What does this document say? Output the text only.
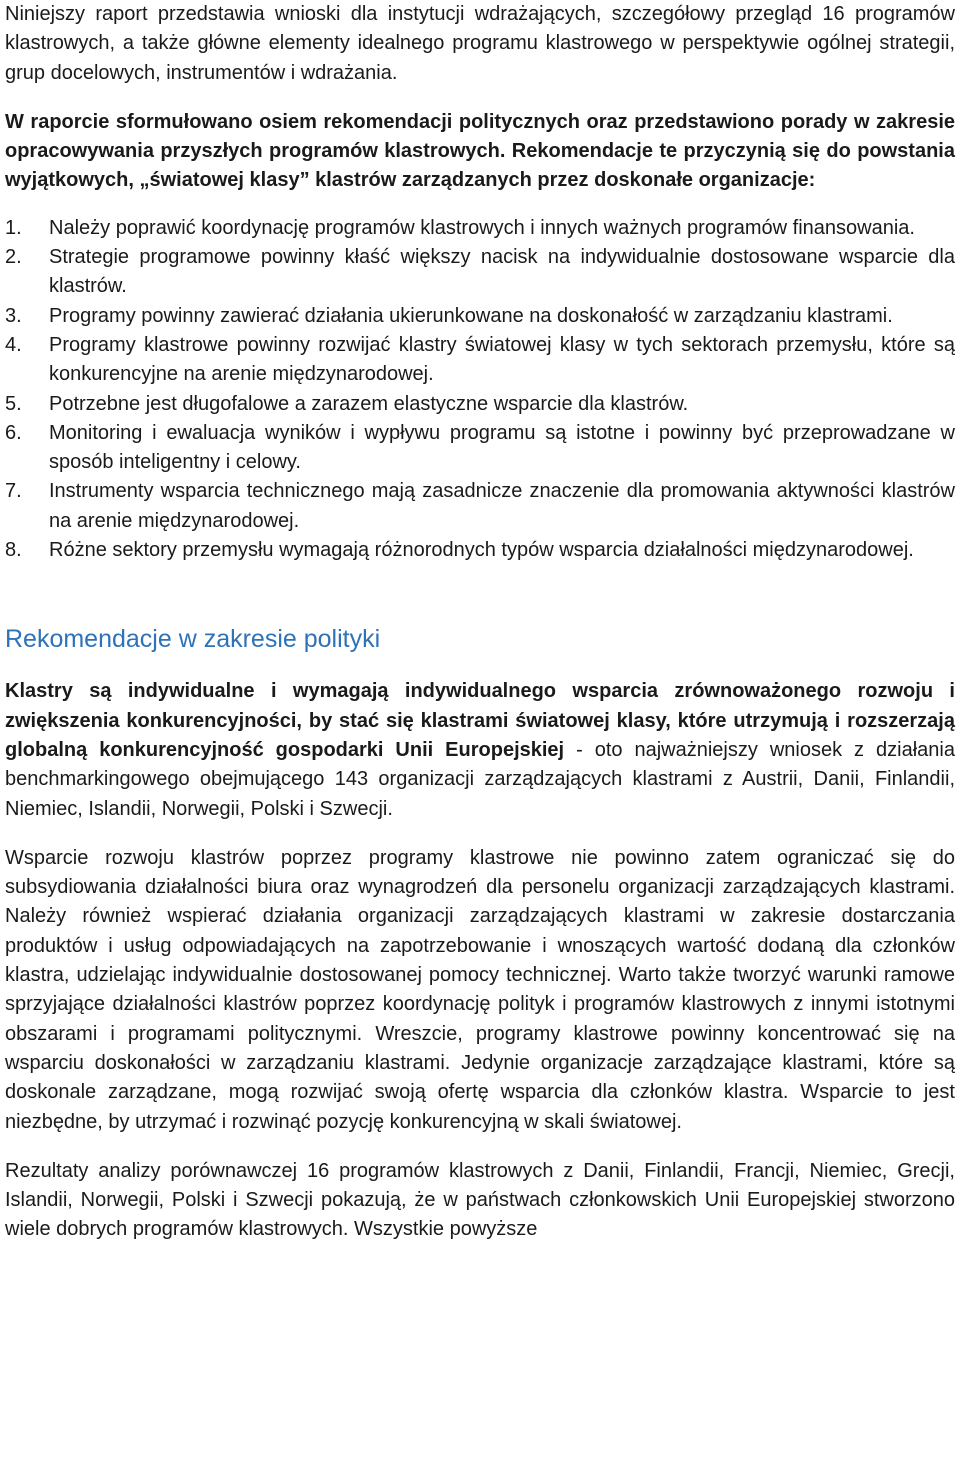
Niniejszy raport przedstawia wnioski dla instytucji wdrażających, szczegółowy przegląd 16 programów klastrowych, a także główne elementy idealnego programu klastrowego w perspektywie ogólnej strategii, grup docelowych, instrumentów i wdrażania.

W raporcie sformułowano osiem rekomendacji politycznych oraz przedstawiono porady w zakresie opracowywania przyszłych programów klastrowych. Rekomendacje te przyczynią się do powstania wyjątkowych, „światowej klasy” klastrów zarządzanych przez doskonałe organizacje:

1.	Należy poprawić koordynację programów klastrowych i innych ważnych programów finansowania.
2.	Strategie programowe powinny kłaść większy nacisk na indywidualnie dostosowane wsparcie dla klastrów.
3.	Programy powinny zawierać działania ukierunkowane na doskonałość w zarządzaniu klastrami.
4.	Programy klastrowe powinny rozwijać klastry światowej klasy w tych sektorach przemysłu, które są konkurencyjne na arenie międzynarodowej.
5.	Potrzebne jest długofalowe a zarazem elastyczne wsparcie dla klastrów.
6.	Monitoring i ewaluacja wyników i wypływu programu są istotne i powinny być przeprowadzane w sposób inteligentny i celowy.
7.	Instrumenty wsparcia technicznego mają zasadnicze znaczenie dla promowania aktywności klastrów na arenie międzynarodowej.
8.	Różne sektory przemysłu wymagają różnorodnych typów wsparcia działalności międzynarodowej.
Rekomendacje w zakresie polityki

Klastry są indywidualne i wymagają indywidualnego wsparcia zrównoważonego rozwoju i zwiększenia konkurencyjności, by stać się klastrami światowej klasy, które utrzymują i rozszerzają globalną konkurencyjność gospodarki Unii Europejskiej - oto najważniejszy wniosek z działania benchmarkingowego obejmującego 143 organizacji zarządzających klastrami z Austrii, Danii, Finlandii, Niemiec, Islandii, Norwegii, Polski i Szwecji.

Wsparcie rozwoju klastrów poprzez programy klastrowe nie powinno zatem ograniczać się do subsydiowania działalności biura oraz wynagrodzeń dla personelu organizacji zarządzających klastrami. Należy również wspierać działania organizacji zarządzających klastrami w zakresie dostarczania produktów i usług odpowiadających na zapotrzebowanie i wnoszących wartość dodaną dla członków klastra, udzielając indywidualnie dostosowanej pomocy technicznej. Warto także tworzyć warunki ramowe sprzyjające działalności klastrów poprzez koordynację polityk i programów klastrowych z innymi istotnymi obszarami i programami politycznymi. Wreszcie, programy klastrowe powinny koncentrować się na wsparciu doskonałości w zarządzaniu klastrami. Jedynie organizacje zarządzające klastrami, które są doskonale zarządzane, mogą rozwijać swoją ofertę wsparcia dla członków klastra. Wsparcie to jest niezbędne, by utrzymać i rozwinąć pozycję konkurencyjną w skali światowej.

Rezultaty analizy porównawczej 16 programów klastrowych z Danii, Finlandii, Francji, Niemiec, Grecji, Islandii, Norwegii, Polski i Szwecji pokazują, że w państwach członkowskich Unii Europejskiej stworzono wiele dobrych programów klastrowych. Wszystkie powyższe
